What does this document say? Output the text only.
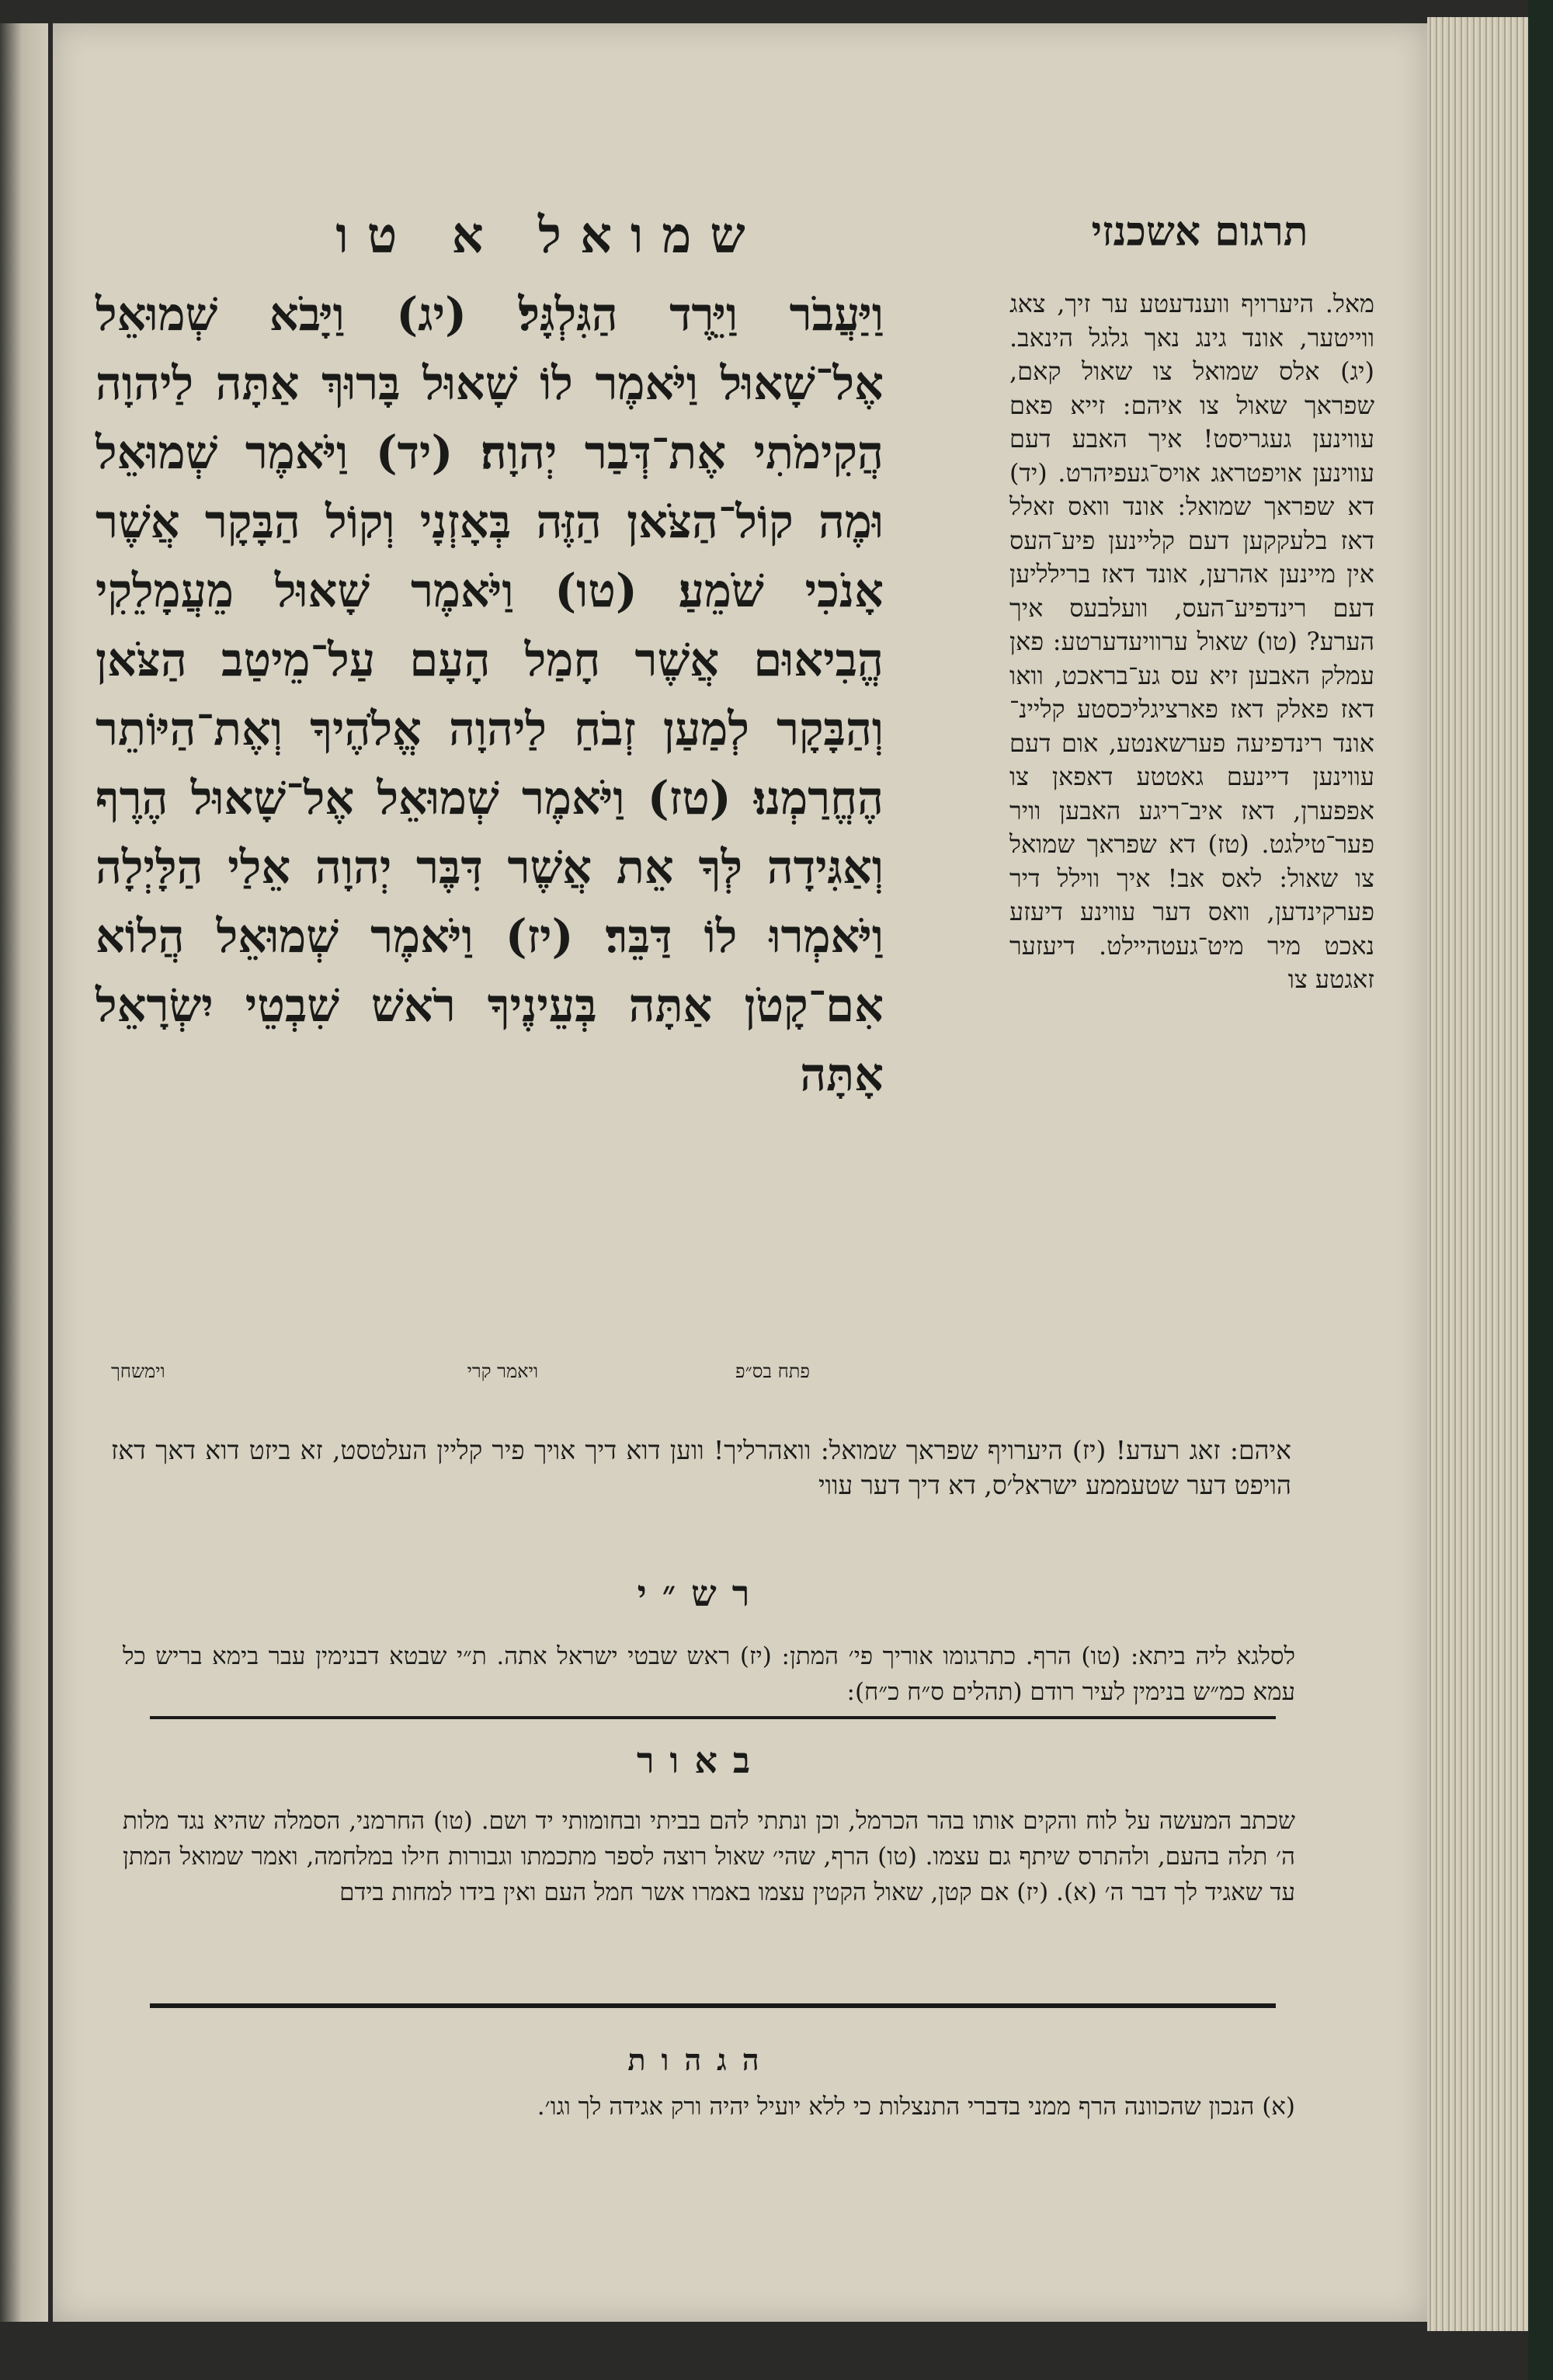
תרגום אשכנזי
שמואל א טו
וַיַּעֲבֹר וַיֵּרֶד הַגִּלְגָּל׃ (יג) וַיָּבֹא שְׁמוּאֵל אֶל־שָׁאוּל וַיֹּאמֶר לוֹ שָׁאוּל בָּרוּךְ אַתָּה לַיהוָה הֲקִימֹתִי אֶת־דְּבַר יְהוָה׃ (יד) וַיֹּאמֶר שְׁמוּאֵל וּמֶה קוֹל־הַצֹּאן הַזֶּה בְּאָזְנָי וְקוֹל הַבָּקָר אֲשֶׁר אָנֹכִי שֹׁמֵעַ׃ (טו) וַיֹּאמֶר שָׁאוּל מֵעֲמָלֵקִי הֱבִיאוּם אֲשֶׁר חָמַל הָעָם עַל־מֵיטַב הַצֹּאן וְהַבָּקָר לְמַעַן זְבֹחַ לַיהוָה אֱלֹהֶיךָ וְאֶת־הַיּוֹתֵר הֶחֱרַמְנוּ׃ (טז) וַיֹּאמֶר שְׁמוּאֵל אֶל־שָׁאוּל הֶרֶף וְאַגִּידָה לְּךָ אֵת אֲשֶׁר דִּבֶּר יְהוָה אֵלַי הַלָּיְלָה וַיֹּאמְרוּ לוֹ דַּבֵּר׃ (יז) וַיֹּאמֶר שְׁמוּאֵל הֲלוֹא אִם־קָטֹן אַתָּה בְּעֵינֶיךָ רֹאשׁ שִׁבְטֵי יִשְׂרָאֵל אָתָּה
פתח בס״פ
ויאמר קרי
וימשחך
מאל. היערויף ווענדעטע ער זיך, צאג ווייטער, אונד גינג נאך גלגל הינאב. (יג) אלס שמואל צו שאול קאם, שפראך שאול צו איהם: זייא פאם עווינען געגריסט! איך האבע דעם עווינען אויפטראג אויס־געפיהרט. (יד) דא שפראך שמואל: אונד וואס זאלל דאז בלעקקען דעם קליינען פיע־העס אין מיינען אהרען, אונד דאז ברילליען דעם רינדפיע־העס, וועלבעס איך הערע? (טו) שאול ערוויעדערטע: פאן עמלק האבען זיא עס גע־בראכט, וואו דאז פאלק דאז פארציגליכסטע קליינ־ אונד רינדפיעה פערשאנטע, אום דעם עווינען דיינעם גאטטע דאפאן צו אפפערן, דאז איב־ריגע האבען וויר פער־טילגט. (טז) דא שפראך שמואל צו שאול: לאס אב! איך ווילל דיר פערקינדען, וואס דער עווינע דיעזע נאכט מיר מיט־געטהיילט. דיעזער זאגטע צו
איהם: זאג רעדע! (יז) היערויף שפראך שמואל: וואהרליך! ווען דוא דיך אויך פיר קליין העלטסט, זא ביזט דוא דאך דאז הויפט דער שטעממע ישראל׳ס, דא דיך דער עווי
רש״י
לסלגא ליה ביתא: (טו) הרף. כתרגומו אוריך פי׳ המתן: (יז) ראש שבטי ישראל אתה. ת״י שבטא דבנימין עבר בימא בריש כל עמא כמ״ש בנימין לעיר רודם (תהלים ס״ח כ״ח):
באור
שכתב המעשה על לוח והקים אותו בהר הכרמל, וכן ונתתי להם בביתי ובחומותי יד ושם. (טו) החרמני, הסמלה שהיא נגד מלות ה׳ תלה בהעם, ולהתרס שיתף גם עצמו. (טו) הרף, שהי׳ שאול רוצה לספר מתכמתו וגבורות חילו במלחמה, ואמר שמואל המתן עד שאגיד לך דבר ה׳ (א). (יז) אם קטן, שאול הקטין עצמו באמרו אשר חמל העם ואין בידו למחות בידם
הגהות
(א) הנכון שהכוונה הרף ממני בדברי התנצלות כי ללא יועיל יהיה ורק אגידה לך וגו׳.
